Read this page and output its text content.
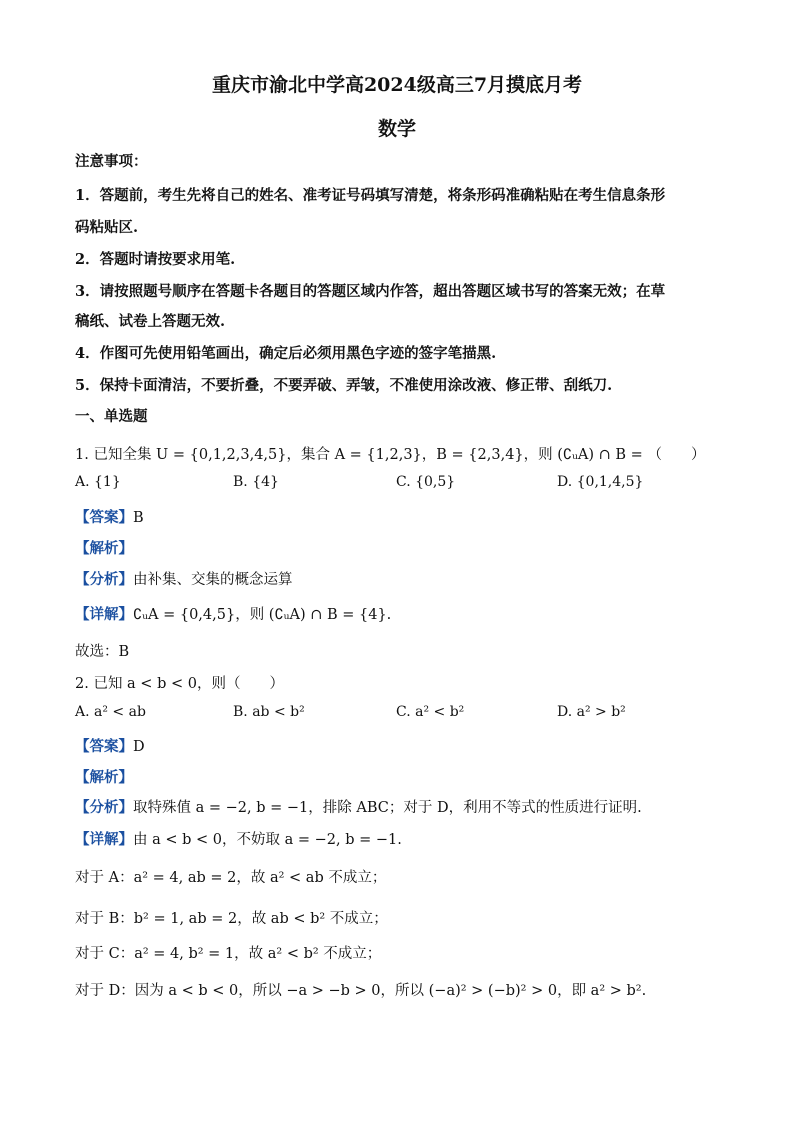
重庆市渝北中学高2024级高三7月摸底月考
数学
注意事项：
1．答题前，考生先将自己的姓名、准考证号码填写清楚，将条形码准确粘贴在考生信息条形
码粘贴区.
2．答题时请按要求用笔.
3．请按照题号顺序在答题卡各题目的答题区域内作答，超出答题区域书写的答案无效；在草
稿纸、试卷上答题无效.
4．作图可先使用铅笔画出，确定后必须用黑色字迹的签字笔描黑.
5．保持卡面清洁，不要折叠，不要弄破、弄皱，不准使用涂改液、修正带、刮纸刀.
一、单选题
1. 已知全集 U = {0,1,2,3,4,5}，集合 A = {1,2,3}，B = {2,3,4}，则 (∁ᵤA) ∩ B = （　　）
A. {1}	B. {4}	C. {0,5}	D. {0,1,4,5}
【答案】B
【解析】
【分析】由补集、交集的概念运算
【详解】∁ᵤA = {0,4,5}，则 (∁ᵤA) ∩ B = {4}.
故选：B
2. 已知 a < b < 0，则（　　）
A. a² < ab	B. ab < b²	C. a² < b²	D. a² > b²
【答案】D
【解析】
【分析】取特殊值 a = −2, b = −1，排除 ABC；对于 D，利用不等式的性质进行证明.
【详解】由 a < b < 0，不妨取 a = −2, b = −1.
对于 A：a² = 4, ab = 2，故 a² < ab 不成立；
对于 B：b² = 1, ab = 2，故 ab < b² 不成立；
对于 C：a² = 4, b² = 1，故 a² < b² 不成立；
对于 D：因为 a < b < 0，所以 −a > −b > 0，所以 (−a)² > (−b)² > 0，即 a² > b².
